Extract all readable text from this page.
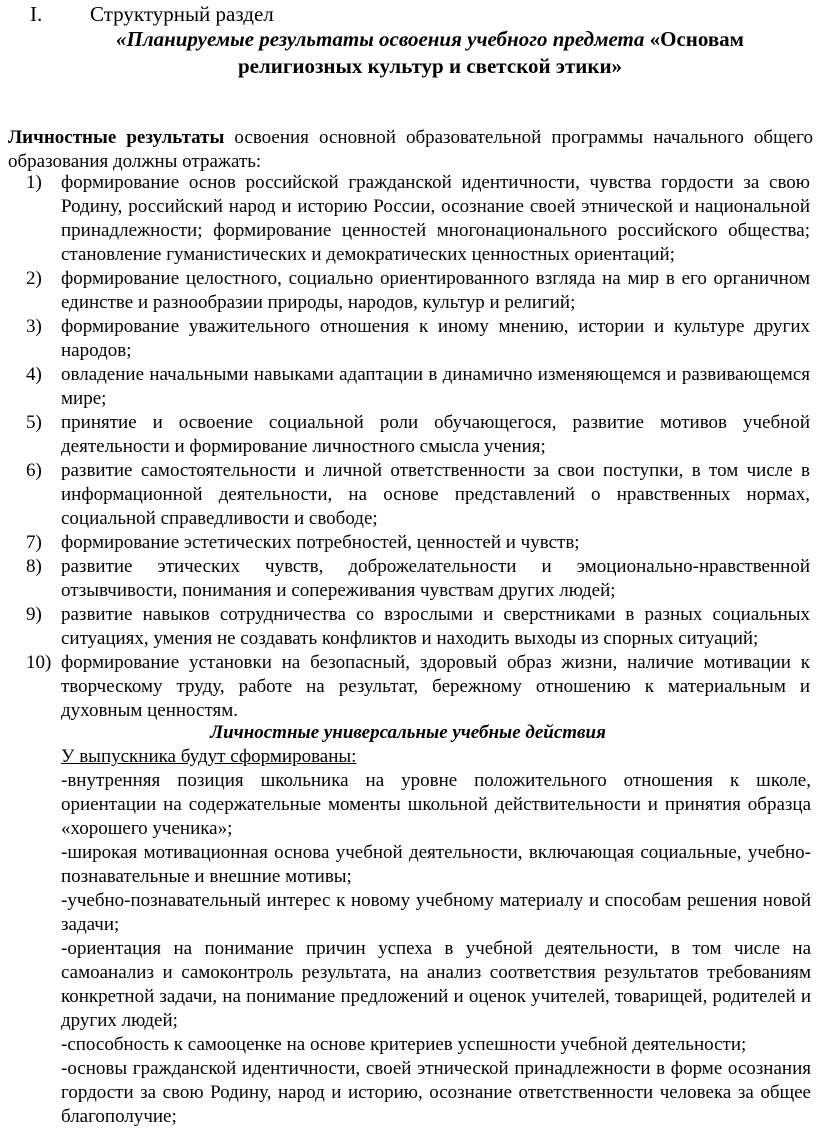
I. Структурный раздел
«Планируемые результаты освоения учебного предмета «Основам религиозных культур и светской этики»
Личностные результаты освоения основной образовательной программы начального общего образования должны отражать:
1) формирование основ российской гражданской идентичности, чувства гордости за свою Родину, российский народ и историю России, осознание своей этнической и национальной принадлежности; формирование ценностей многонационального российского общества; становление гуманистических и демократических ценностных ориентаций;
2) формирование целостного, социально ориентированного взгляда на мир в его органичном единстве и разнообразии природы, народов, культур и религий;
3) формирование уважительного отношения к иному мнению, истории и культуре других народов;
4) овладение начальными навыками адаптации в динамично изменяющемся и развивающемся мире;
5) принятие и освоение социальной роли обучающегося, развитие мотивов учебной деятельности и формирование личностного смысла учения;
6) развитие самостоятельности и личной ответственности за свои поступки, в том числе в информационной деятельности, на основе представлений о нравственных нормах, социальной справедливости и свободе;
7) формирование эстетических потребностей, ценностей и чувств;
8) развитие этических чувств, доброжелательности и эмоционально-нравственной отзывчивости, понимания и сопереживания чувствам других людей;
9) развитие навыков сотрудничества со взрослыми и сверстниками в разных социальных ситуациях, умения не создавать конфликтов и находить выходы из спорных ситуаций;
10) формирование установки на безопасный, здоровый образ жизни, наличие мотивации к творческому труду, работе на результат, бережному отношению к материальным и духовным ценностям.
Личностные универсальные учебные действия
У выпускника будут сформированы:

-внутренняя позиция школьника на уровне положительного отношения к школе, ориентации на содержательные моменты школьной действительности и принятия образца «хорошего ученика»;

-широкая мотивационная основа учебной деятельности, включающая социальные, учебно-познавательные и внешние мотивы;

-учебно-познавательный интерес к новому учебному материалу и способам решения новой задачи;

-ориентация на понимание причин успеха в учебной деятельности, в том числе на самоанализ и самоконтроль результата, на анализ соответствия результатов требованиям конкретной задачи, на понимание предложений и оценок учителей, товарищей, родителей и других людей;

-способность к самооценке на основе критериев успешности учебной деятельности;

-основы гражданской идентичности, своей этнической принадлежности в форме осознания гордости за свою Родину, народ и историю, осознание ответственности человека за общее благополучие;
